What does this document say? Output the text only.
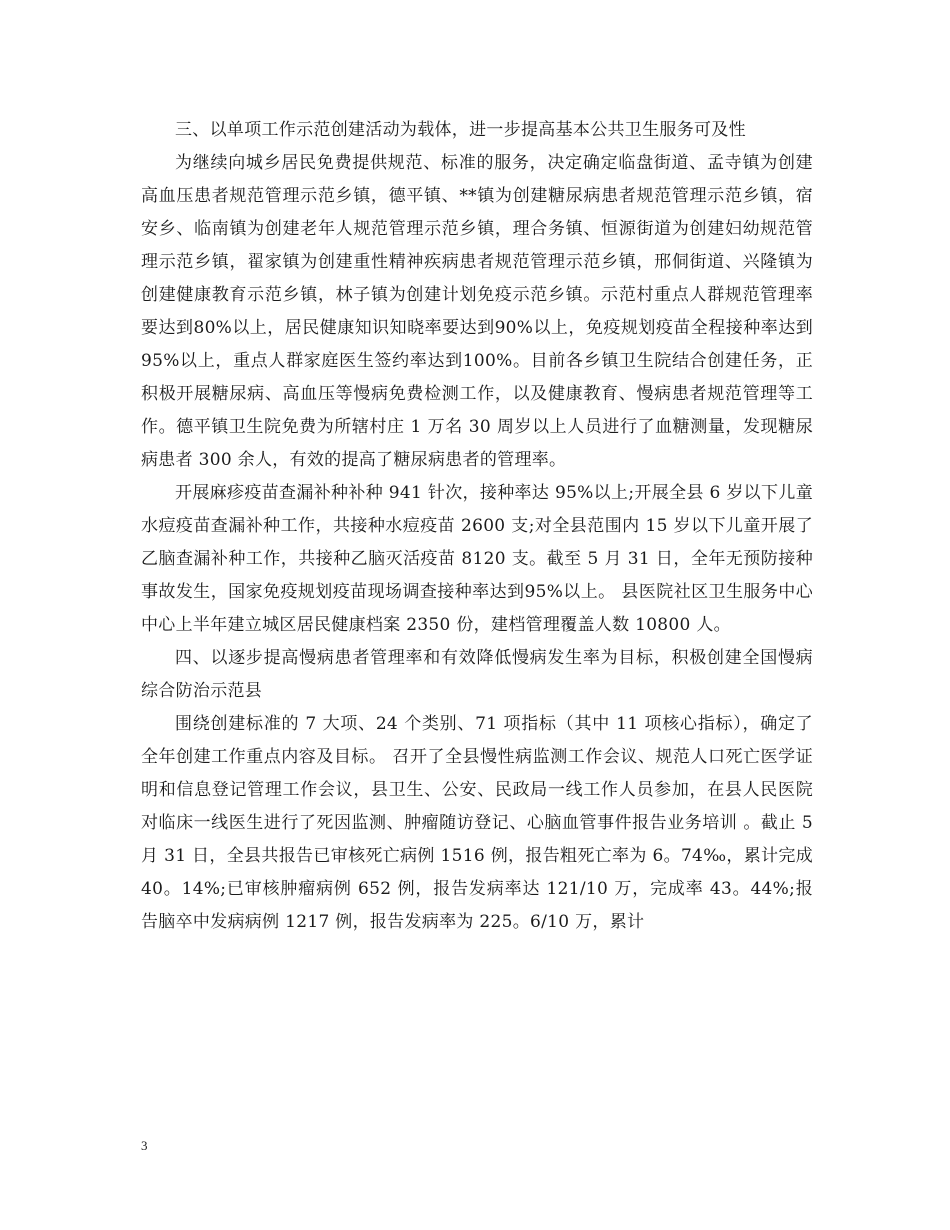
三、以单项工作示范创建活动为载体，进一步提高基本公共卫生服务可及性

为继续向城乡居民免费提供规范、标准的服务，决定确定临盘街道、孟寺镇为创建高血压患者规范管理示范乡镇，德平镇、**镇为创建糖尿病患者规范管理示范乡镇，宿安乡、临南镇为创建老年人规范管理示范乡镇，理合务镇、恒源街道为创建妇幼规范管理示范乡镇，翟家镇为创建重性精神疾病患者规范管理示范乡镇，邢侗街道、兴隆镇为创建健康教育示范乡镇，林子镇为创建计划免疫示范乡镇。示范村重点人群规范管理率要达到80%以上，居民健康知识知晓率要达到90%以上，免疫规划疫苗全程接种率达到95%以上，重点人群家庭医生签约率达到100%。目前各乡镇卫生院结合创建任务，正积极开展糖尿病、高血压等慢病免费检测工作，以及健康教育、慢病患者规范管理等工作。德平镇卫生院免费为所辖村庄 1 万名 30 周岁以上人员进行了血糖测量，发现糖尿病患者 300 余人，有效的提高了糖尿病患者的管理率。

开展麻疹疫苗查漏补种补种 941 针次，接种率达 95%以上;开展全县 6 岁以下儿童水痘疫苗查漏补种工作，共接种水痘疫苗 2600 支;对全县范围内 15 岁以下儿童开展了乙脑查漏补种工作，共接种乙脑灭活疫苗 8120 支。截至 5 月 31 日，全年无预防接种事故发生，国家免疫规划疫苗现场调查接种率达到95%以上。 县医院社区卫生服务中心中心上半年建立城区居民健康档案 2350 份，建档管理覆盖人数 10800 人。

四、以逐步提高慢病患者管理率和有效降低慢病发生率为目标，积极创建全国慢病综合防治示范县

围绕创建标准的 7 大项、24 个类别、71 项指标（其中 11 项核心指标），确定了全年创建工作重点内容及目标。 召开了全县慢性病监测工作会议、规范人口死亡医学证明和信息登记管理工作会议，县卫生、公安、民政局一线工作人员参加，在县人民医院对临床一线医生进行了死因监测、肿瘤随访登记、心脑血管事件报告业务培训 。截止 5 月 31 日，全县共报告已审核死亡病例 1516 例，报告粗死亡率为 6。74‰，累计完成 40。14%;已审核肿瘤病例 652 例，报告发病率达 121/10 万，完成率 43。44%;报告脑卒中发病病例 1217 例，报告发病率为 225。6/10 万，累计

3
